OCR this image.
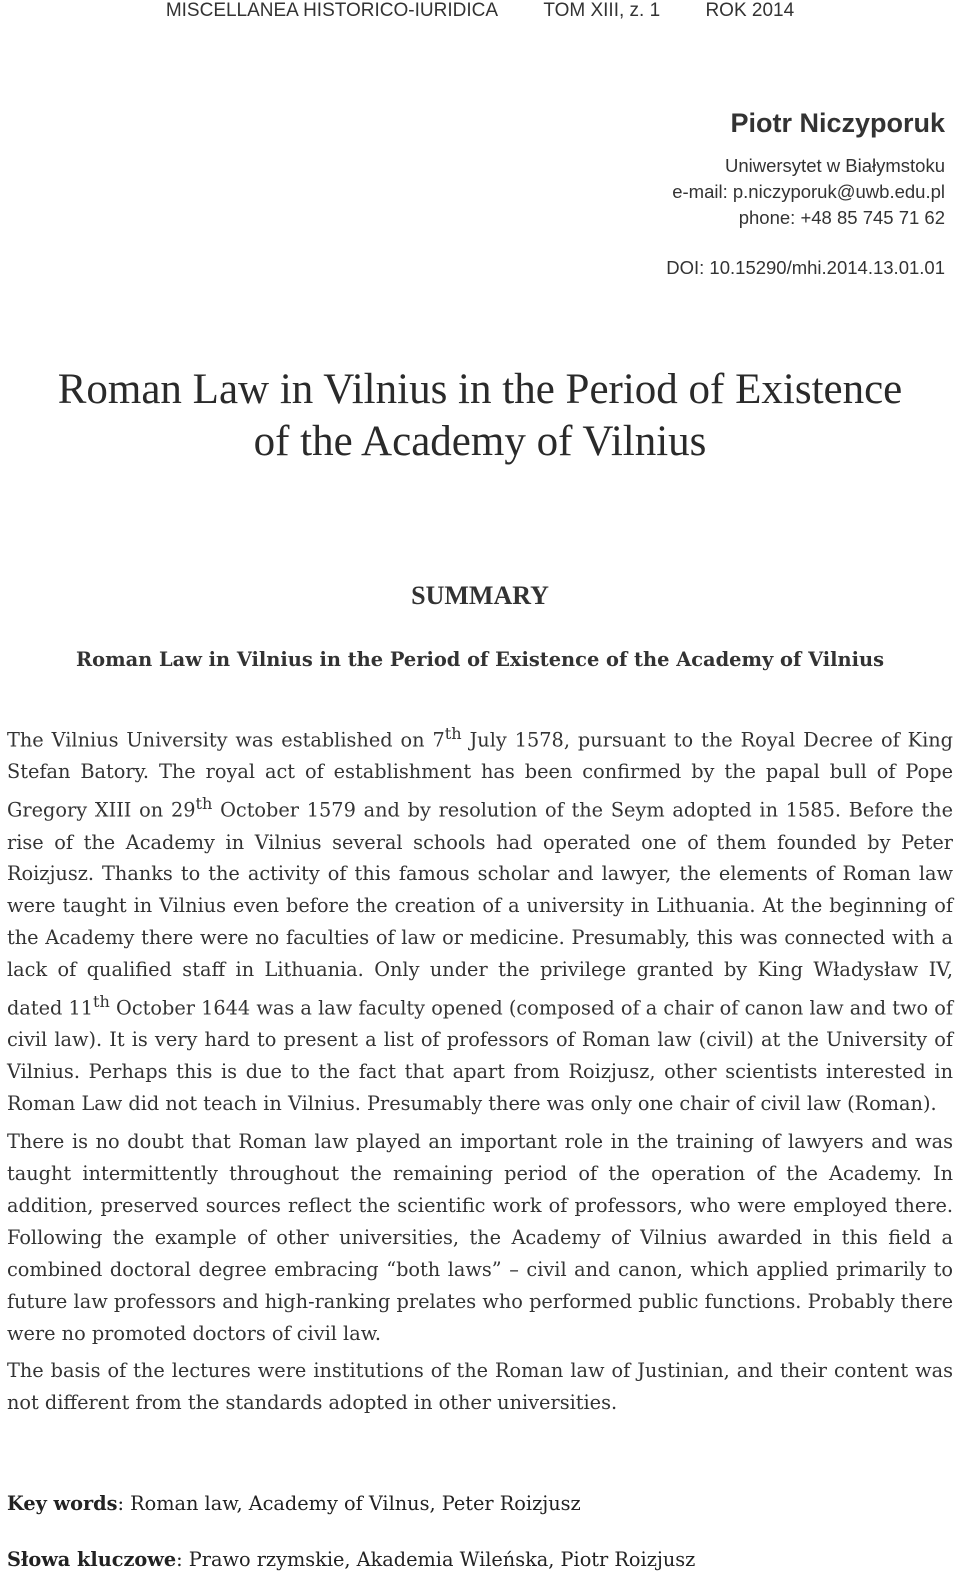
MISCELLANEA HISTORICO-IURIDICA TOM XIII, z. 1 ROK 2014
Piotr Niczyporuk
Uniwersytet w Białymstoku
e-mail: p.niczyporuk@uwb.edu.pl
phone: +48 85 745 71 62
DOI: 10.15290/mhi.2014.13.01.01
Roman Law in Vilnius in the Period of Existence
of the Academy of Vilnius
SUMMARY
Roman Law in Vilnius in the Period of Existence of the Academy of Vilnius

The Vilnius University was established on 7th July 1578, pursuant to the Royal Decree of King Stefan Batory. The royal act of establishment has been confirmed by the papal bull of Pope Gregory XIII on 29th October 1579 and by resolution of the Seym adopted in 1585. Before the rise of the Academy in Vilnius several schools had operated one of them founded by Peter Roizjusz. Thanks to the activity of this famous scholar and lawyer, the elements of Roman law were taught in Vilnius even before the creation of a university in Lithuania. At the beginning of the Academy there were no faculties of law or medicine. Presumably, this was connected with a lack of qualified staff in Lithuania. Only under the privilege granted by King Władysław IV, dated 11th October 1644 was a law faculty opened (composed of a chair of canon law and two of civil law). It is very hard to present a list of professors of Roman law (civil) at the University of Vilnius. Perhaps this is due to the fact that apart from Roizjusz, other scientists interested in Roman Law did not teach in Vilnius. Presumably there was only one chair of civil law (Roman).

There is no doubt that Roman law played an important role in the training of lawyers and was taught intermittently throughout the remaining period of the operation of the Academy. In addition, preserved sources reflect the scientific work of professors, who were employed there. Following the example of other universities, the Academy of Vilnius awarded in this field a combined doctoral degree embracing “both laws” – civil and canon, which applied primarily to future law professors and high-ranking prelates who performed public functions. Probably there were no promoted doctors of civil law.

The basis of the lectures were institutions of the Roman law of Justinian, and their content was not different from the standards adopted in other universities.

Key words: Roman law, Academy of Vilnus, Peter Roizjusz
Słowa kluczowe: Prawo rzymskie, Akademia Wileńska, Piotr Roizjusz
